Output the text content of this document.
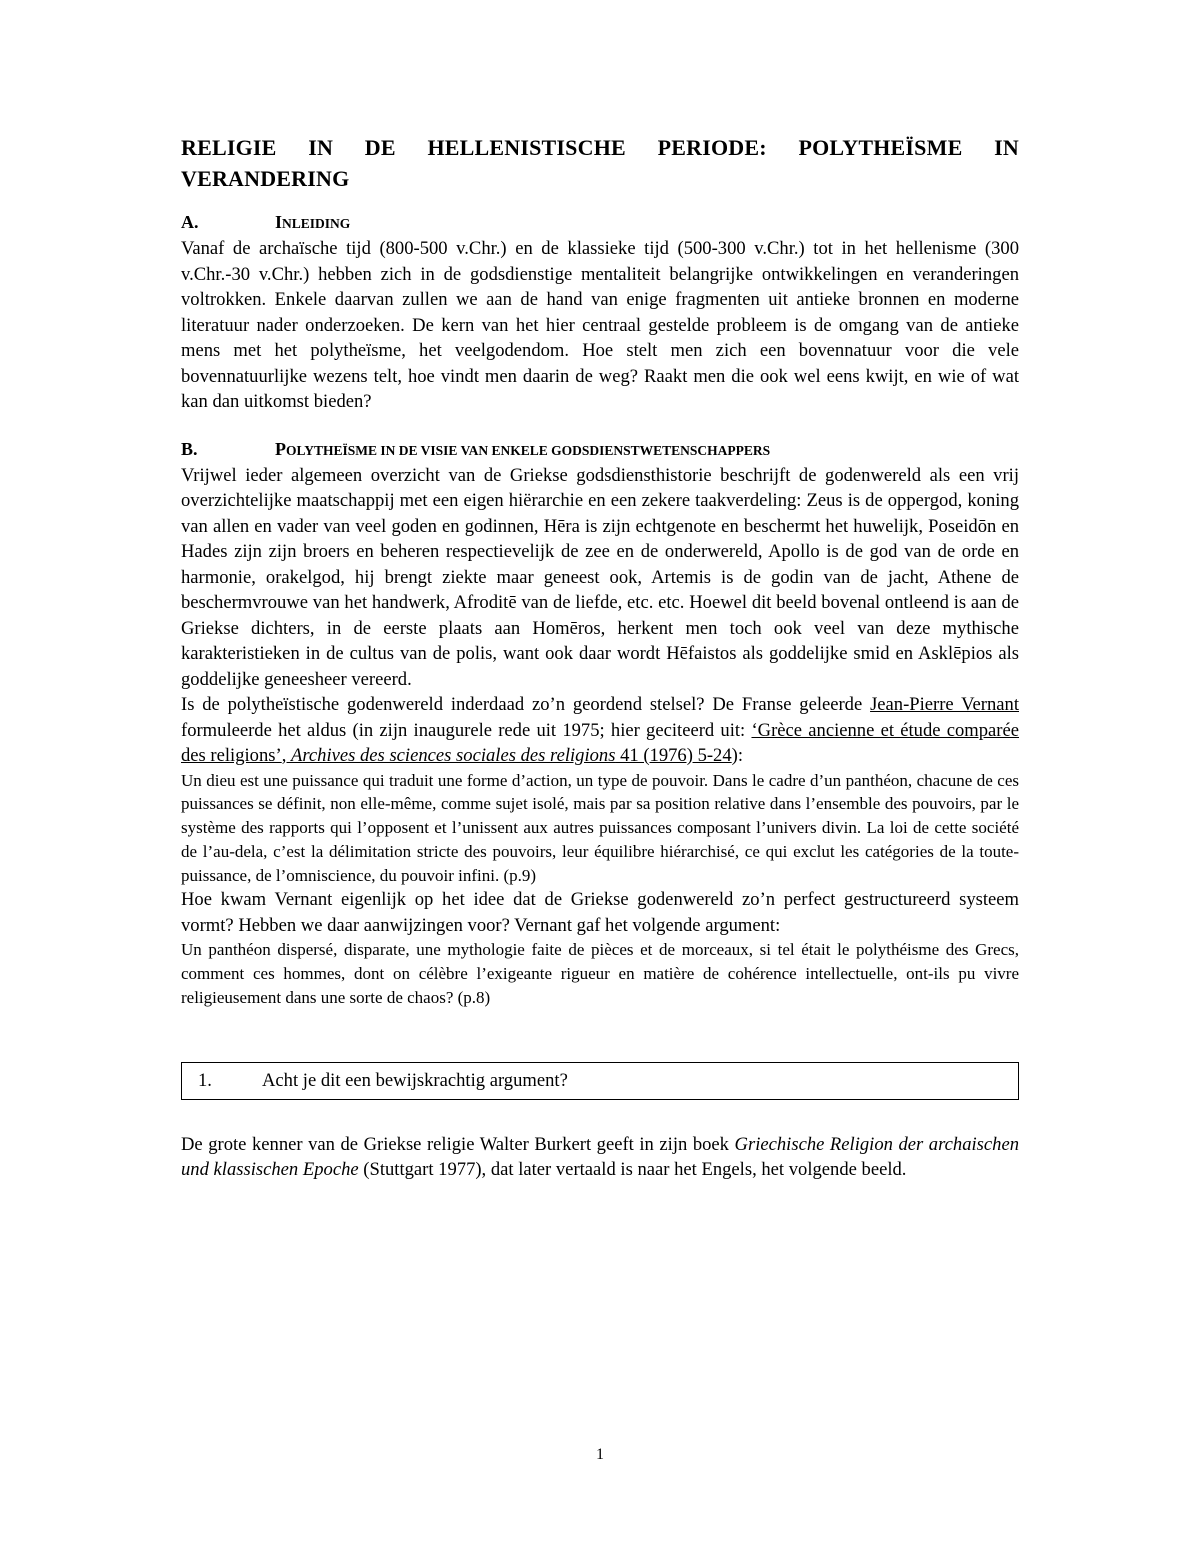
RELIGIE IN DE HELLENISTISCHE PERIODE: POLYTHEÏSME IN VERANDERING
A.	INLEIDING

Vanaf de archaïsche tijd (800-500 v.Chr.) en de klassieke tijd (500-300 v.Chr.) tot in het hellenisme (300 v.Chr.-30 v.Chr.) hebben zich in de godsdienstige mentaliteit belangrijke ontwikkelingen en veranderingen voltrokken. Enkele daarvan zullen we aan de hand van enige fragmenten uit antieke bronnen en moderne literatuur nader onderzoeken. De kern van het hier centraal gestelde probleem is de omgang van de antieke mens met het polytheïsme, het veelgodendom. Hoe stelt men zich een bovennatuur voor die vele bovennatuurlijke wezens telt, hoe vindt men daarin de weg? Raakt men die ook wel eens kwijt, en wie of wat kan dan uitkomst bieden?

B.	POLYTHEÏSME IN DE VISIE VAN ENKELE GODSDIENSTWETENSCHAPPERS

Vrijwel ieder algemeen overzicht van de Griekse godsdiensthistorie beschrijft de godenwereld als een vrij overzichtelijke maatschappij met een eigen hiërarchie en een zekere taakverdeling: Zeus is de oppergod, koning van allen en vader van veel goden en godinnen, Hēra is zijn echtgenote en beschermt het huwelijk, Poseidōn en Hades zijn zijn broers en beheren respectievelijk de zee en de onderwereld, Apollo is de god van de orde en harmonie, orakelgod, hij brengt ziekte maar geneest ook, Artemis is de godin van de jacht, Athene de beschermvrouwe van het handwerk, Afroditē van de liefde, etc. etc. Hoewel dit beeld bovenal ontleend is aan de Griekse dichters, in de eerste plaats aan Homēros, herkent men toch ook veel van deze mythische karakteristieken in de cultus van de polis, want ook daar wordt Hēfaistos als goddelijke smid en Asklēpios als goddelijke geneesheer vereerd.

Is de polytheïstische godenwereld inderdaad zo’n geordend stelsel? De Franse geleerde Jean-Pierre Vernant formuleerde het aldus (in zijn inaugurele rede uit 1975; hier geciteerd uit: ‘Grèce ancienne et étude comparée des religions’, Archives des sciences sociales des religions 41 (1976) 5-24):

Un dieu est une puissance qui traduit une forme d’action, un type de pouvoir. Dans le cadre d’un panthéon, chacune de ces puissances se définit, non elle-même, comme sujet isolé, mais par sa position relative dans l’ensemble des pouvoirs, par le système des rapports qui l’opposent et l’unissent aux autres puissances composant l’univers divin. La loi de cette société de l’au-dela, c’est la délimitation stricte des pouvoirs, leur équilibre hiérarchisé, ce qui exclut les catégories de la toute-puissance, de l’omniscience, du pouvoir infini. (p.9)

Hoe kwam Vernant eigenlijk op het idee dat de Griekse godenwereld zo’n perfect gestructureerd systeem vormt? Hebben we daar aanwijzingen voor? Vernant gaf het volgende argument:

Un panthéon dispersé, disparate, une mythologie faite de pièces et de morceaux, si tel était le polythéisme des Grecs, comment ces hommes, dont on célèbre l’exigeante rigueur en matière de cohérence intellectuelle, ont-ils pu vivre religieusement dans une sorte de chaos? (p.8)

1.	Acht je dit een bewijskrachtig argument?

De grote kenner van de Griekse religie Walter Burkert geeft in zijn boek Griechische Religion der archaischen und klassischen Epoche (Stuttgart 1977), dat later vertaald is naar het Engels, het volgende beeld.

1
